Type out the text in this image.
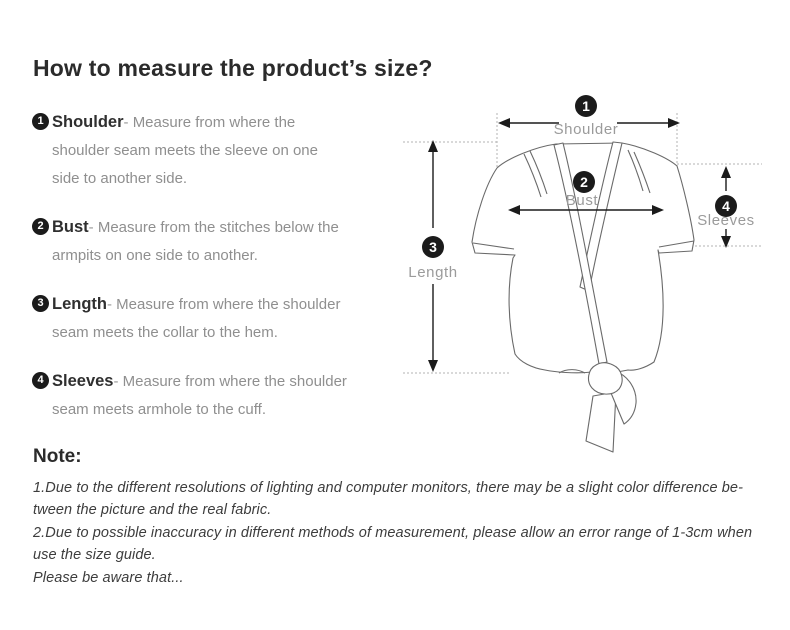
How to measure the product’s size?
1 Shoulder- Measure from where the shoulder seam meets the sleeve on one side to another side.
2 Bust- Measure from the stitches below the armpits on one side to another.
3 Length- Measure from where the shoulder seam meets the collar to the hem.
4 Sleeves- Measure from where the shoulder seam meets armhole to the cuff.
1
Shoulder
2
Bust
3
Length
4
Sleeves
Note:

1.Due to the different resolutions of lighting and computer monitors, there may be a slight color difference be-

tween the picture and the real fabric.

2.Due to possible inaccuracy in different methods of measurement, please allow an error range of 1-3cm when

use the size guide.

Please be aware that...
